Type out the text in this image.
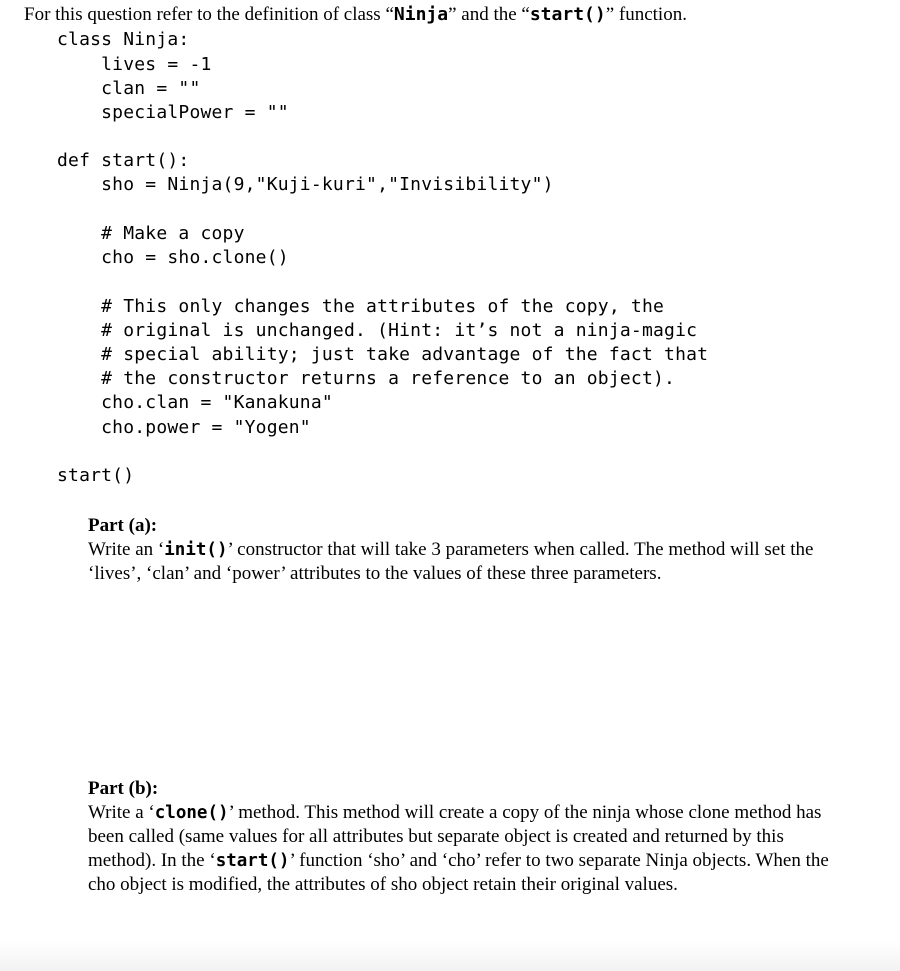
For this question refer to the definition of class “Ninja” and the “start()” function.
class Ninja:
lives = -1
clan = ""
specialPower = ""
def start():
sho = Ninja(9,"Kuji-kuri","Invisibility")
# Make a copy
cho = sho.clone()
# This only changes the attributes of the copy, the
# original is unchanged. (Hint: it’s not a ninja-magic
# special ability; just take advantage of the fact that
# the constructor returns a reference to an object).
cho.clan = "Kanakuna"
cho.power = "Yogen"
start()
Part (a):
Write an ‘init()’ constructor that will take 3 parameters when called. The method will set the ‘lives’, ‘clan’ and ‘power’ attributes to the values of these three parameters.
Part (b):
Write a ‘clone()’ method. This method will create a copy of the ninja whose clone method has been called (same values for all attributes but separate object is created and returned by this method). In the ‘start()’ function ‘sho’ and ‘cho’ refer to two separate Ninja objects. When the cho object is modified, the attributes of sho object retain their original values.
